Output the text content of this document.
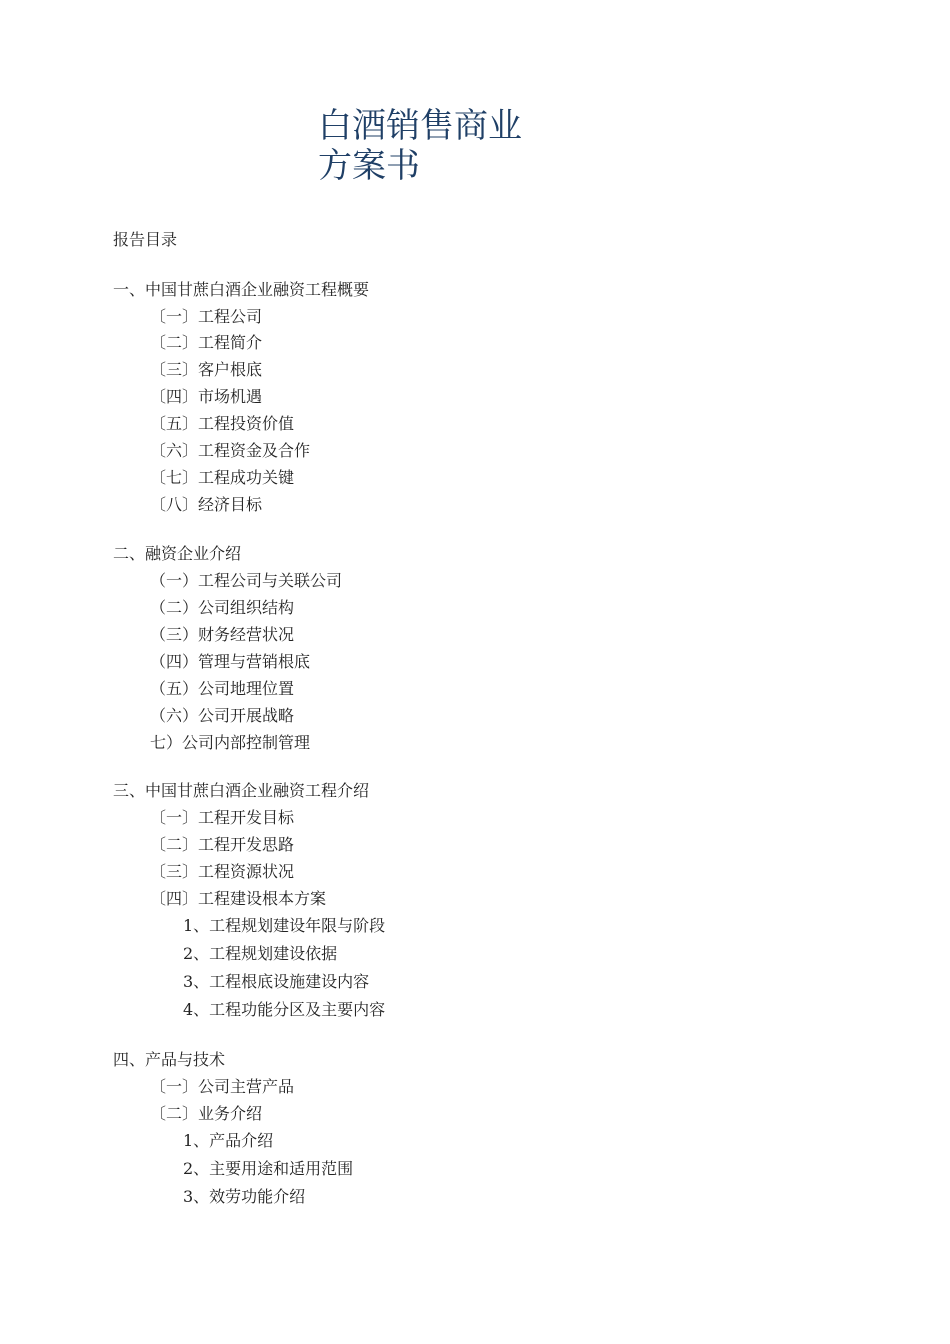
白酒销售商业
方案书
报告目录
一、中国甘蔗白酒企业融资工程概要
〔一〕工程公司
〔二〕工程简介
〔三〕客户根底
〔四〕市场机遇
〔五〕工程投资价值
〔六〕工程资金及合作
〔七〕工程成功关键
〔八〕经济目标
二、融资企业介绍
（一）工程公司与关联公司
（二）公司组织结构
（三）财务经营状况
（四）管理与营销根底
（五）公司地理位置
（六）公司开展战略
七）公司内部控制管理
三、中国甘蔗白酒企业融资工程介绍
〔一〕工程开发目标
〔二〕工程开发思路
〔三〕工程资源状况
〔四〕工程建设根本方案
1、工程规划建设年限与阶段
2、工程规划建设依据
3、工程根底设施建设内容
4、工程功能分区及主要内容
四、产品与技术
〔一〕公司主营产品
〔二〕业务介绍
1、产品介绍
2、主要用途和适用范围
3、效劳功能介绍
